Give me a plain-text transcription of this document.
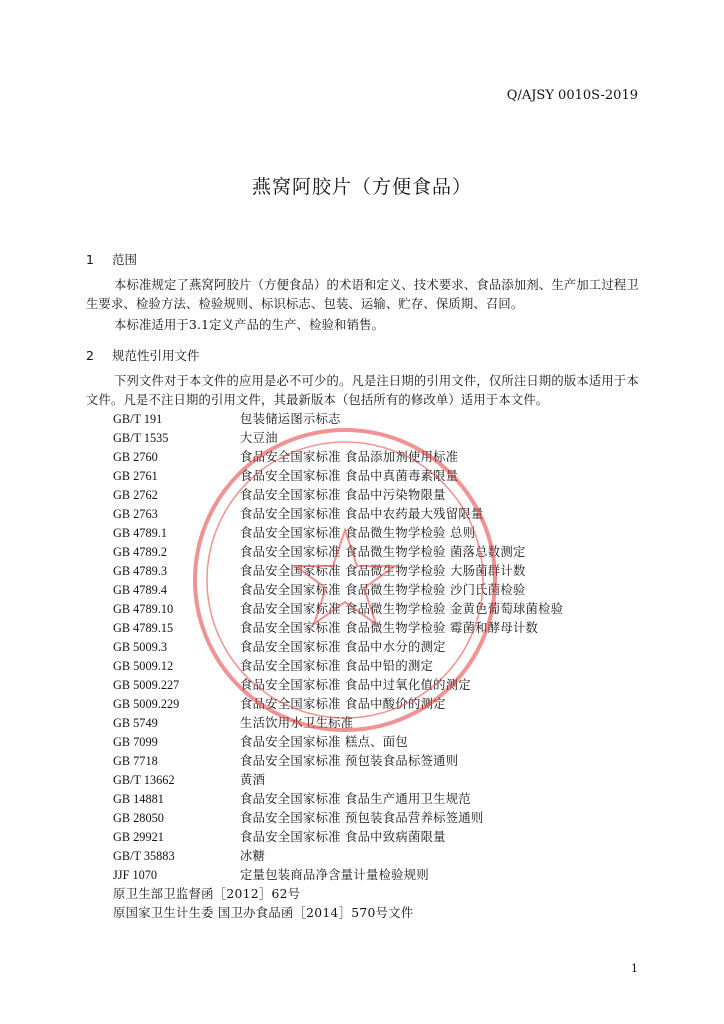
Q/AJSY 0010S-2019
燕窝阿胶片（方便食品）
1 范围
本标准规定了燕窝阿胶片（方便食品）的术语和定义、技术要求、食品添加剂、生产加工过程卫生要求、检验方法、检验规则、标识标志、包装、运输、贮存、保质期、召回。
本标准适用于3.1定义产品的生产、检验和销售。
2 规范性引用文件
下列文件对于本文件的应用是必不可少的。凡是注日期的引用文件，仅所注日期的版本适用于本文件。凡是不注日期的引用文件，其最新版本（包括所有的修改单）适用于本文件。
GB/T 191	包装储运图示标志
GB/T 1535	大豆油
GB 2760	食品安全国家标准 食品添加剂使用标准
GB 2761	食品安全国家标准 食品中真菌毒素限量
GB 2762	食品安全国家标准 食品中污染物限量
GB 2763	食品安全国家标准 食品中农药最大残留限量
GB 4789.1	食品安全国家标准 食品微生物学检验 总则
GB 4789.2	食品安全国家标准 食品微生物学检验 菌落总数测定
GB 4789.3	食品安全国家标准 食品微生物学检验 大肠菌群计数
GB 4789.4	食品安全国家标准 食品微生物学检验 沙门氏菌检验
GB 4789.10	食品安全国家标准 食品微生物学检验 金黄色葡萄球菌检验
GB 4789.15	食品安全国家标准 食品微生物学检验 霉菌和酵母计数
GB 5009.3	食品安全国家标准 食品中水分的测定
GB 5009.12	食品安全国家标准 食品中铅的测定
GB 5009.227	食品安全国家标准 食品中过氧化值的测定
GB 5009.229	食品安全国家标准 食品中酸价的测定
GB 5749	生活饮用水卫生标准
GB 7099	食品安全国家标准 糕点、面包
GB 7718	食品安全国家标准 预包装食品标签通则
GB/T 13662	黄酒
GB 14881	食品安全国家标准 食品生产通用卫生规范
GB 28050	食品安全国家标准 预包装食品营养标签通则
GB 29921	食品安全国家标准 食品中致病菌限量
GB/T 35883	冰糖
JJF 1070	定量包装商品净含量计量检验规则
原卫生部卫监督函［2012］62号
原国家卫生计生委 国卫办食品函［2014］570号文件
1
